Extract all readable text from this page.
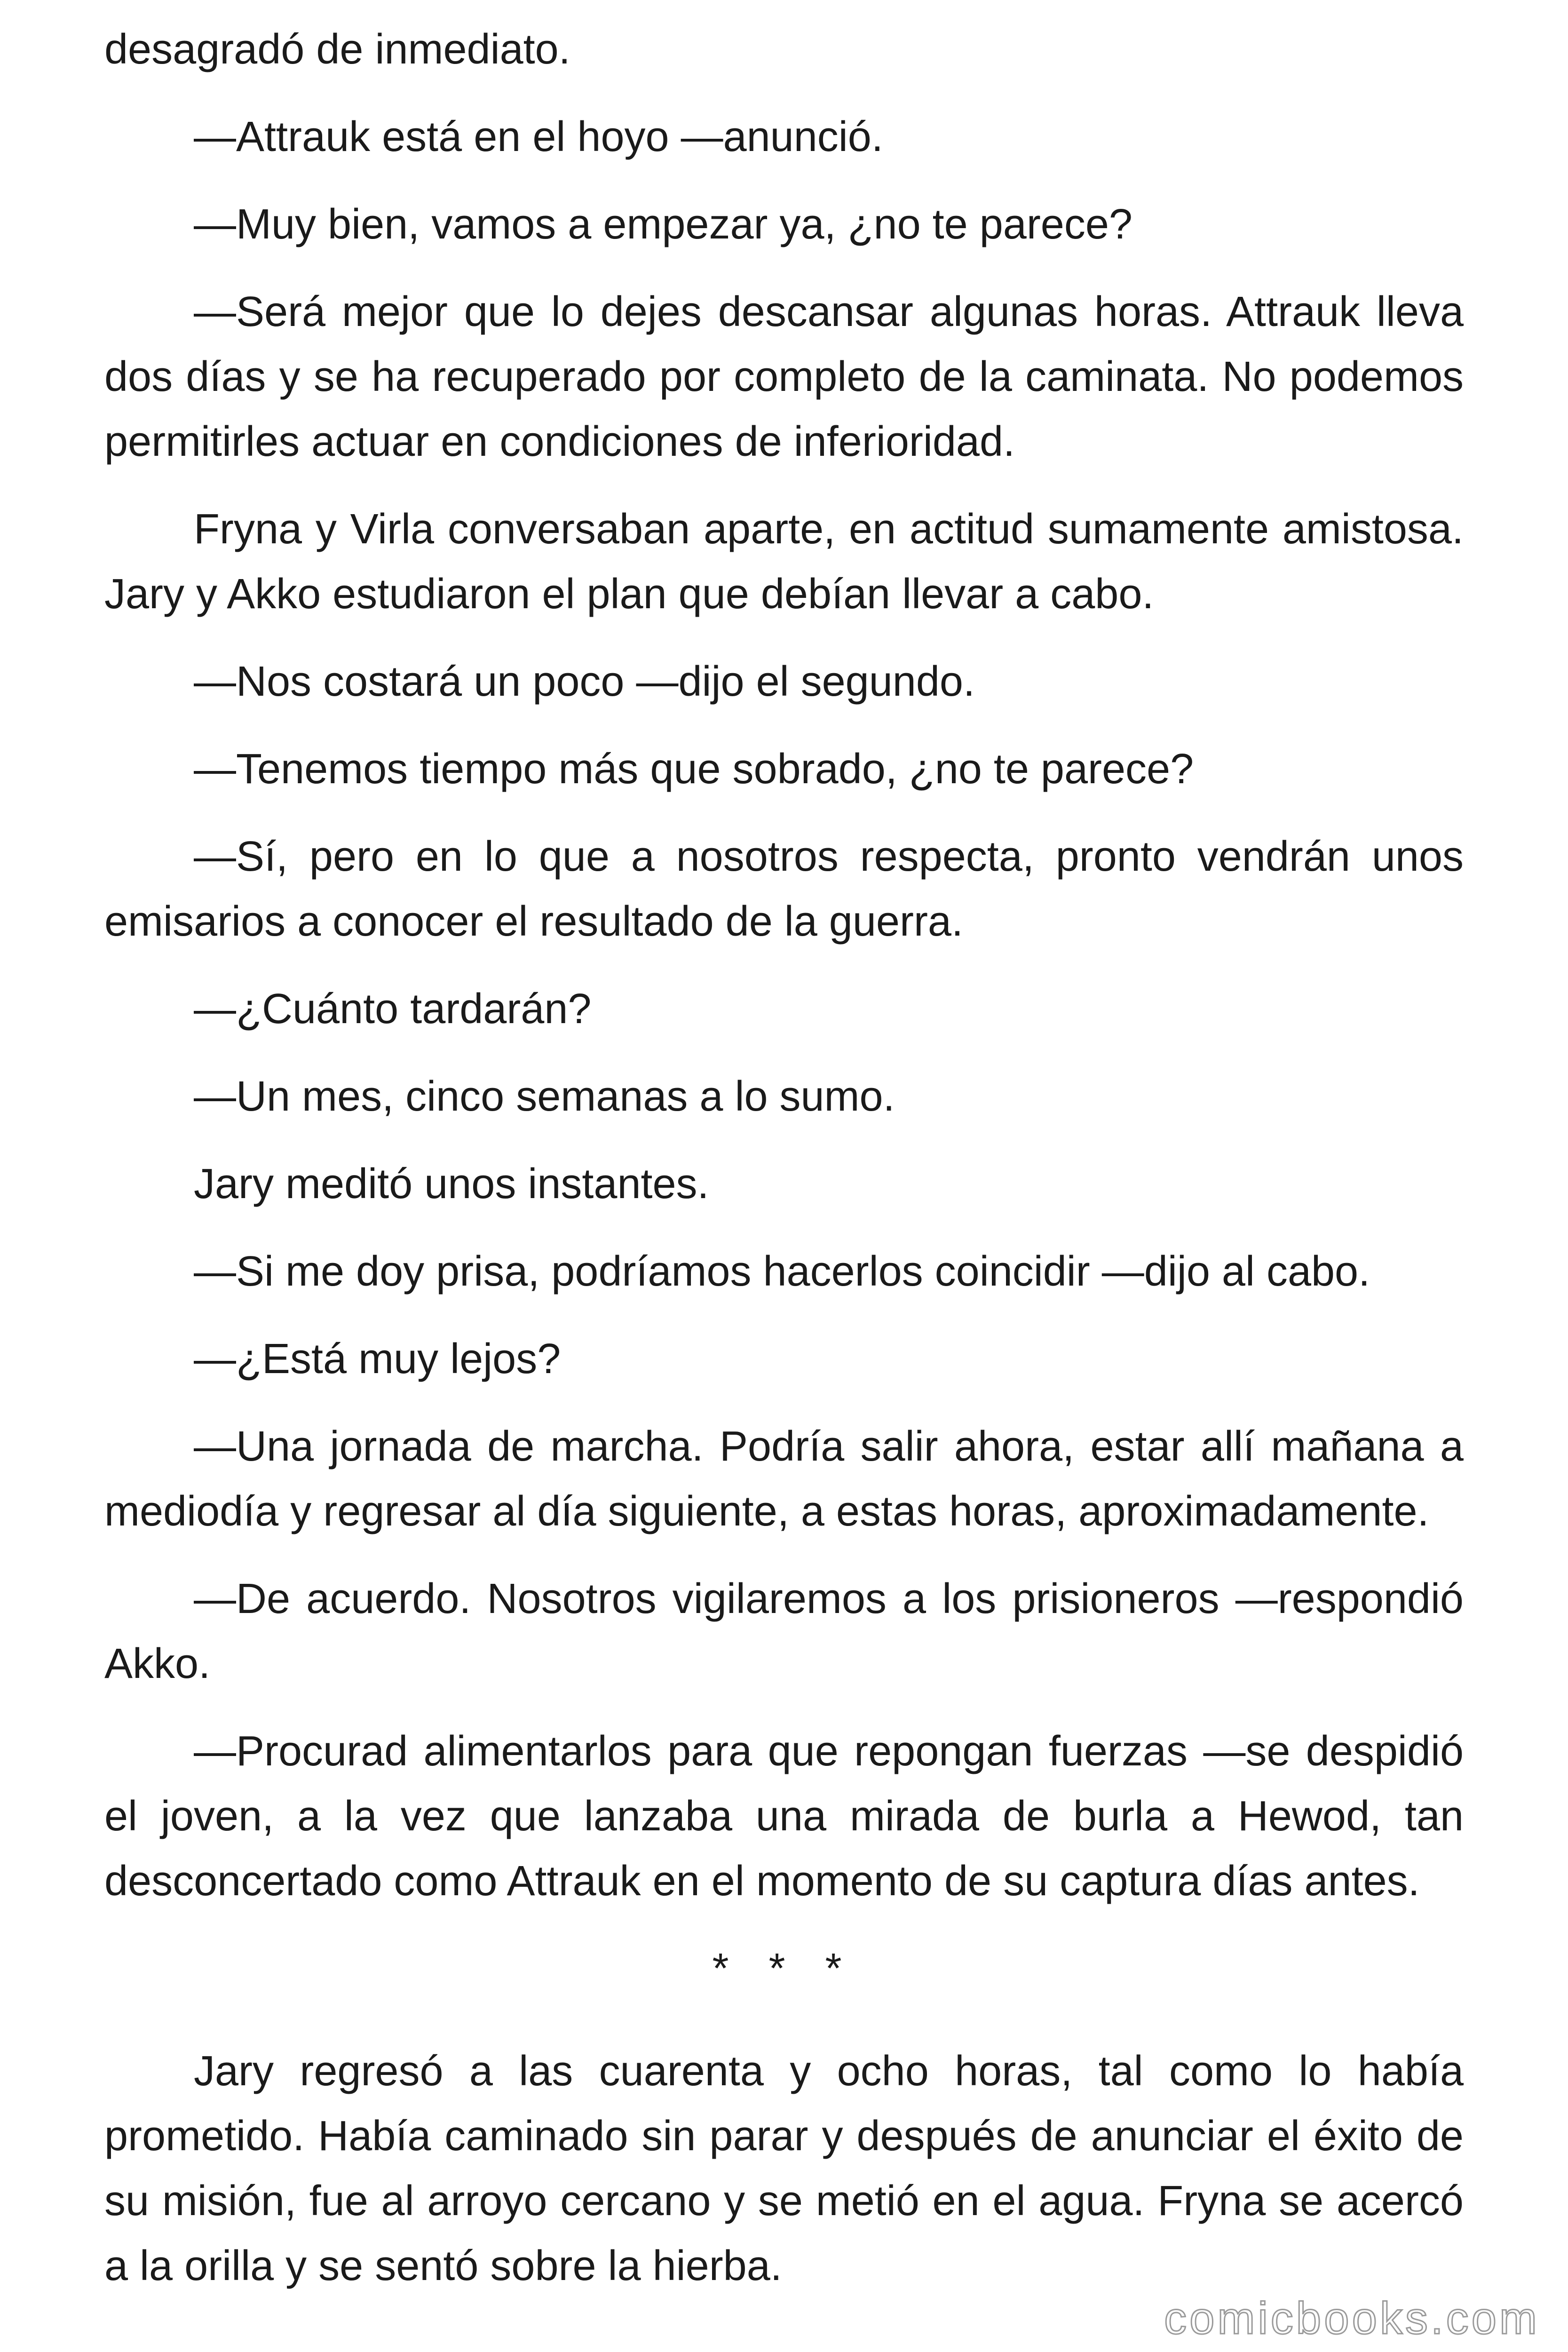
desagradó de inmediato.

—Attrauk está en el hoyo —anunció.

—Muy bien, vamos a empezar ya, ¿no te parece?

—Será mejor que lo dejes descansar algunas horas. Attrauk lleva dos días y se ha recuperado por completo de la caminata. No podemos permitirles actuar en condiciones de inferioridad.

Fryna y Virla conversaban aparte, en actitud sumamente amistosa. Jary y Akko estudiaron el plan que debían llevar a cabo.

—Nos costará un poco —dijo el segundo.

—Tenemos tiempo más que sobrado, ¿no te parece?

—Sí, pero en lo que a nosotros respecta, pronto vendrán unos emisarios a conocer el resultado de la guerra.

—¿Cuánto tardarán?

—Un mes, cinco semanas a lo sumo.

Jary meditó unos instantes.

—Si me doy prisa, podríamos hacerlos coincidir —dijo al cabo.

—¿Está muy lejos?

—Una jornada de marcha. Podría salir ahora, estar allí mañana a mediodía y regresar al día siguiente, a estas horas, aproximadamente.

—De acuerdo. Nosotros vigilaremos a los prisioneros —respondió Akko.

—Procurad alimentarlos para que repongan fuerzas —se despidió el joven, a la vez que lanzaba una mirada de burla a Hewod, tan desconcertado como Attrauk en el momento de su captura días antes.

* * *

Jary regresó a las cuarenta y ocho horas, tal como lo había prometido. Había caminado sin parar y después de anunciar el éxito de su misión, fue al arroyo cercano y se metió en el agua. Fryna se acercó a la orilla y se sentó sobre la hierba.

comicbooks.com
